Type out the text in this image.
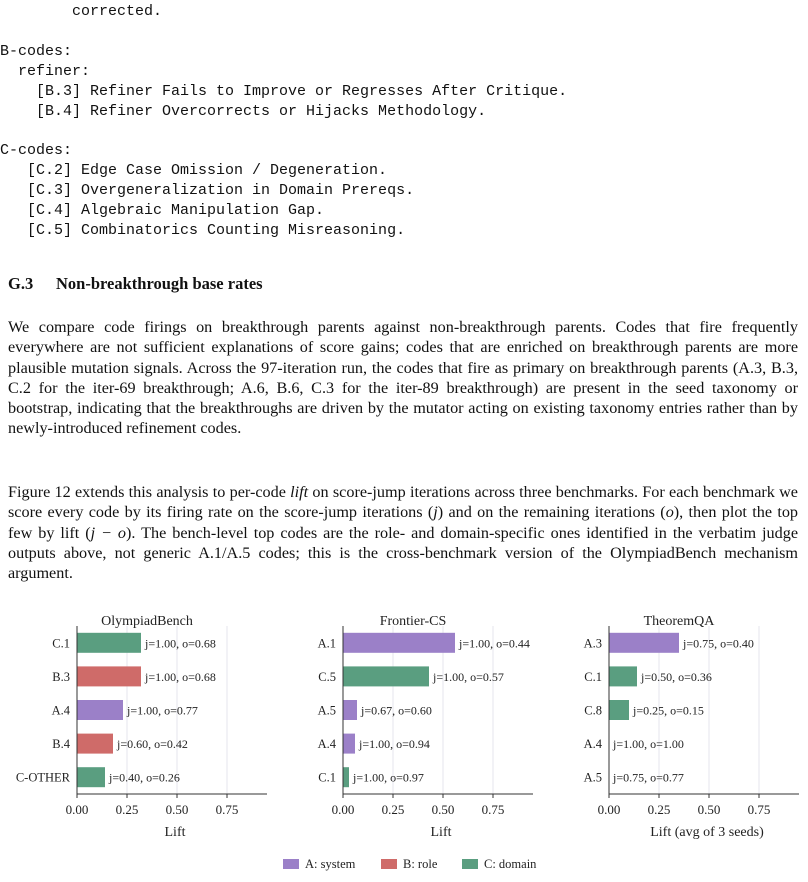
corrected.
B-codes:
refiner:
[B.3] Refiner Fails to Improve or Regresses After Critique.
[B.4] Refiner Overcorrects or Hijacks Methodology.
C-codes:
[C.2] Edge Case Omission / Degeneration.
[C.3] Overgeneralization in Domain Prereqs.
[C.4] Algebraic Manipulation Gap.
[C.5] Combinatorics Counting Misreasoning.
G.3 Non-breakthrough base rates

We compare code firings on breakthrough parents against non-breakthrough parents. Codes that fire frequently everywhere are not sufficient explanations of score gains; codes that are enriched on breakthrough parents are more plausible mutation signals. Across the 97-iteration run, the codes that fire as primary on breakthrough parents (A.3, B.3, C.2 for the iter-69 breakthrough; A.6, B.6, C.3 for the iter-89 breakthrough) are present in the seed taxonomy or bootstrap, indicating that the breakthroughs are driven by the mutator acting on existing taxonomy entries rather than by newly-introduced refinement codes.

Figure 12 extends this analysis to per-code lift on score-jump iterations across three benchmarks. For each benchmark we score every code by its firing rate on the score-jump iterations (j) and on the remaining iterations (o), then plot the top few by lift (j − o). The bench-level top codes are the role- and domain-specific ones identified in the verbatim judge outputs above, not generic A.1/A.5 codes; this is the cross-benchmark version of the OlympiadBench mechanism argument.

OlympiadBench
C.1	j=1.00, o=0.68
B.3	j=1.00, o=0.68
A.4	j=1.00, o=0.77
B.4	j=0.60, o=0.42
C-OTHER	j=0.40, o=0.26
0.00 0.25 0.50 0.75
Lift
Frontier-CS
A.1	j=1.00, o=0.44
C.5	j=1.00, o=0.57
A.5 j=0.67, o=0.60
A.4 j=1.00, o=0.94
C.1 j=1.00, o=0.97
0.00 0.25 0.50 0.75
Lift
TheoremQA
A.3	j=0.75, o=0.40
C.1	j=0.50, o=0.36
C.8	j=0.25, o=0.15
A.4 j=1.00, o=1.00
A.5 j=0.75, o=0.77
0.00 0.25 0.50 0.75
Lift (avg of 3 seeds)
A: system	B: role	C: domain
